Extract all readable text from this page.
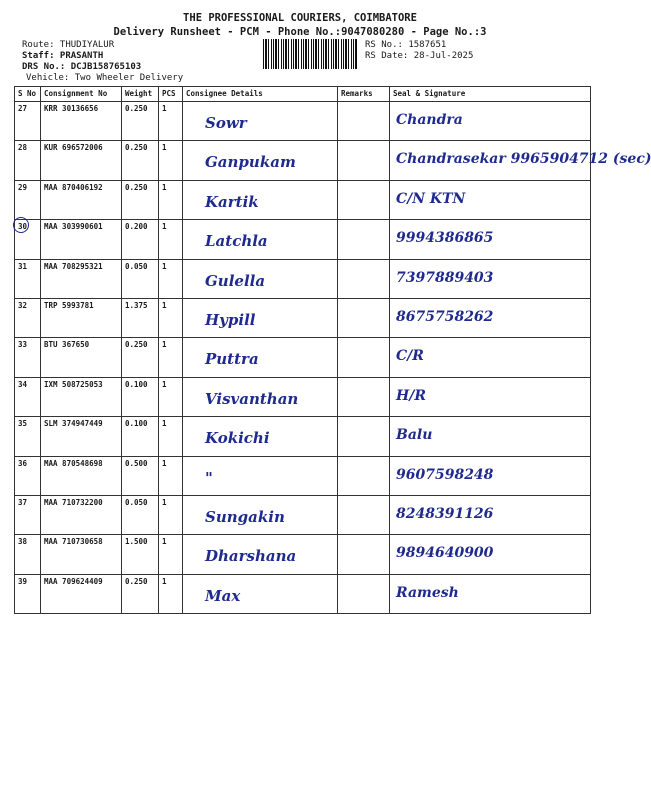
THE PROFESSIONAL COURIERS, COIMBATORE
Delivery Runsheet - PCM - Phone No.:9047080280 - Page No.:3
Route: THUDIYALUR
Staff: PRASANTH
DRS No.: DCJB158765103
Vehicle: Two Wheeler Delivery
RS No.: 1587651
RS Date: 28-Jul-2025
S No	Consignment No	Weight	PCS	Consignee Details	Remarks	Seal & Signature
27	KRR 30136656	0.250	1	Sowr		Chandra

28	KUR 696572006	0.250	1	Ganpukam		Chandrasekar 9965904712 (sec)

29	MAA 870406192	0.250	1	Kartik		C/N KTN

30	MAA 303990601	0.200	1	Latchla		9994386865

31	MAA 708295321	0.050	1	Gulella		7397889403

32	TRP 5993781	1.375	1	Hypill		8675758262

33	BTU 367650	0.250	1	Puttra		C/R

34	IXM 508725053	0.100	1	Visvanthan		H/R

35	SLM 374947449	0.100	1	Kokichi		Balu

36	MAA 870548698	0.500	1	"		9607598248

37	MAA 710732200	0.050	1	Sungakin		8248391126

38	MAA 710730658	1.500	1	Dharshana		9894640900

39	MAA 709624409	0.250	1	Max		Ramesh
